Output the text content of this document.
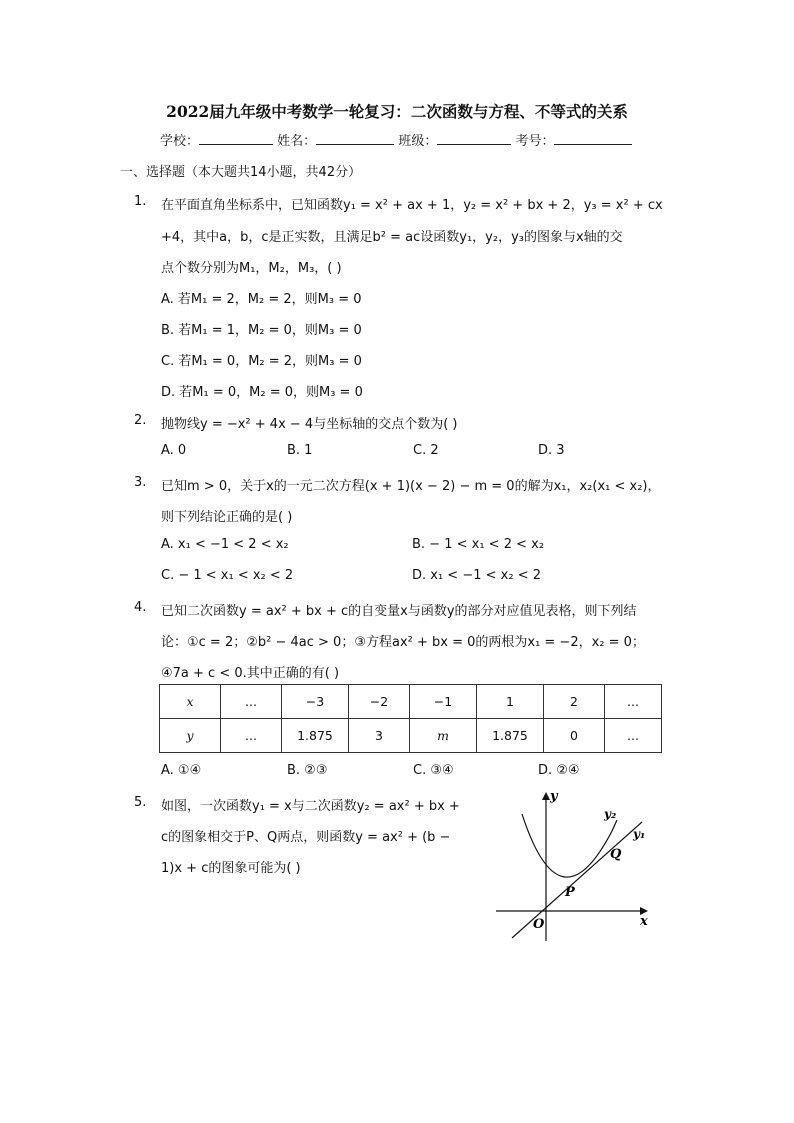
2022届九年级中考数学一轮复习：二次函数与方程、不等式的关系
学校：	姓名：	班级：	考号：
一、选择题（本大题共14小题，共42分）
1. 在平面直角坐标系中，已知函数y₁ = x² + ax + 1，y₂ = x² + bx + 2，y₃ = x² + cx
+4，其中a，b，c是正实数，且满足b² = ac设函数y₁，y₂，y₃的图象与x轴的交
点个数分别为M₁，M₂，M₃，( )
A. 若M₁ = 2，M₂ = 2，则M₃ = 0
B. 若M₁ = 1，M₂ = 0，则M₃ = 0
C. 若M₁ = 0，M₂ = 2，则M₃ = 0
D. 若M₁ = 0，M₂ = 0，则M₃ = 0
2. 抛物线y = −x² + 4x − 4与坐标轴的交点个数为( )
A. 0	B. 1	C. 2	D. 3
3. 已知m > 0，关于x的一元二次方程(x + 1)(x − 2) − m = 0的解为x₁，x₂(x₁ < x₂)，
则下列结论正确的是( )
A. x₁ < −1 < 2 < x₂	B. − 1 < x₁ < 2 < x₂
C. − 1 < x₁ < x₂ < 2	D. x₁ < −1 < x₂ < 2
4. 已知二次函数y = ax² + bx + c的自变量x与函数y的部分对应值见表格，则下列结
论：①c = 2；②b² − 4ac > 0；③方程ax² + bx = 0的两根为x₁ = −2，x₂ = 0；
④7a + c < 0.其中正确的有( )
x	...	−3	−2	−1	1	2	...
y	...	1.875	3	m	1.875	0	...
A. ①④	B. ②③	C. ③④	D. ②④
5. 如图，一次函数y₁ = x与二次函数y₂ = ax² + bx +
c的图象相交于P、Q两点，则函数y = ax² + (b −
1)x + c的图象可能为( )
y
x
O
P
Q
y₁
y₂
